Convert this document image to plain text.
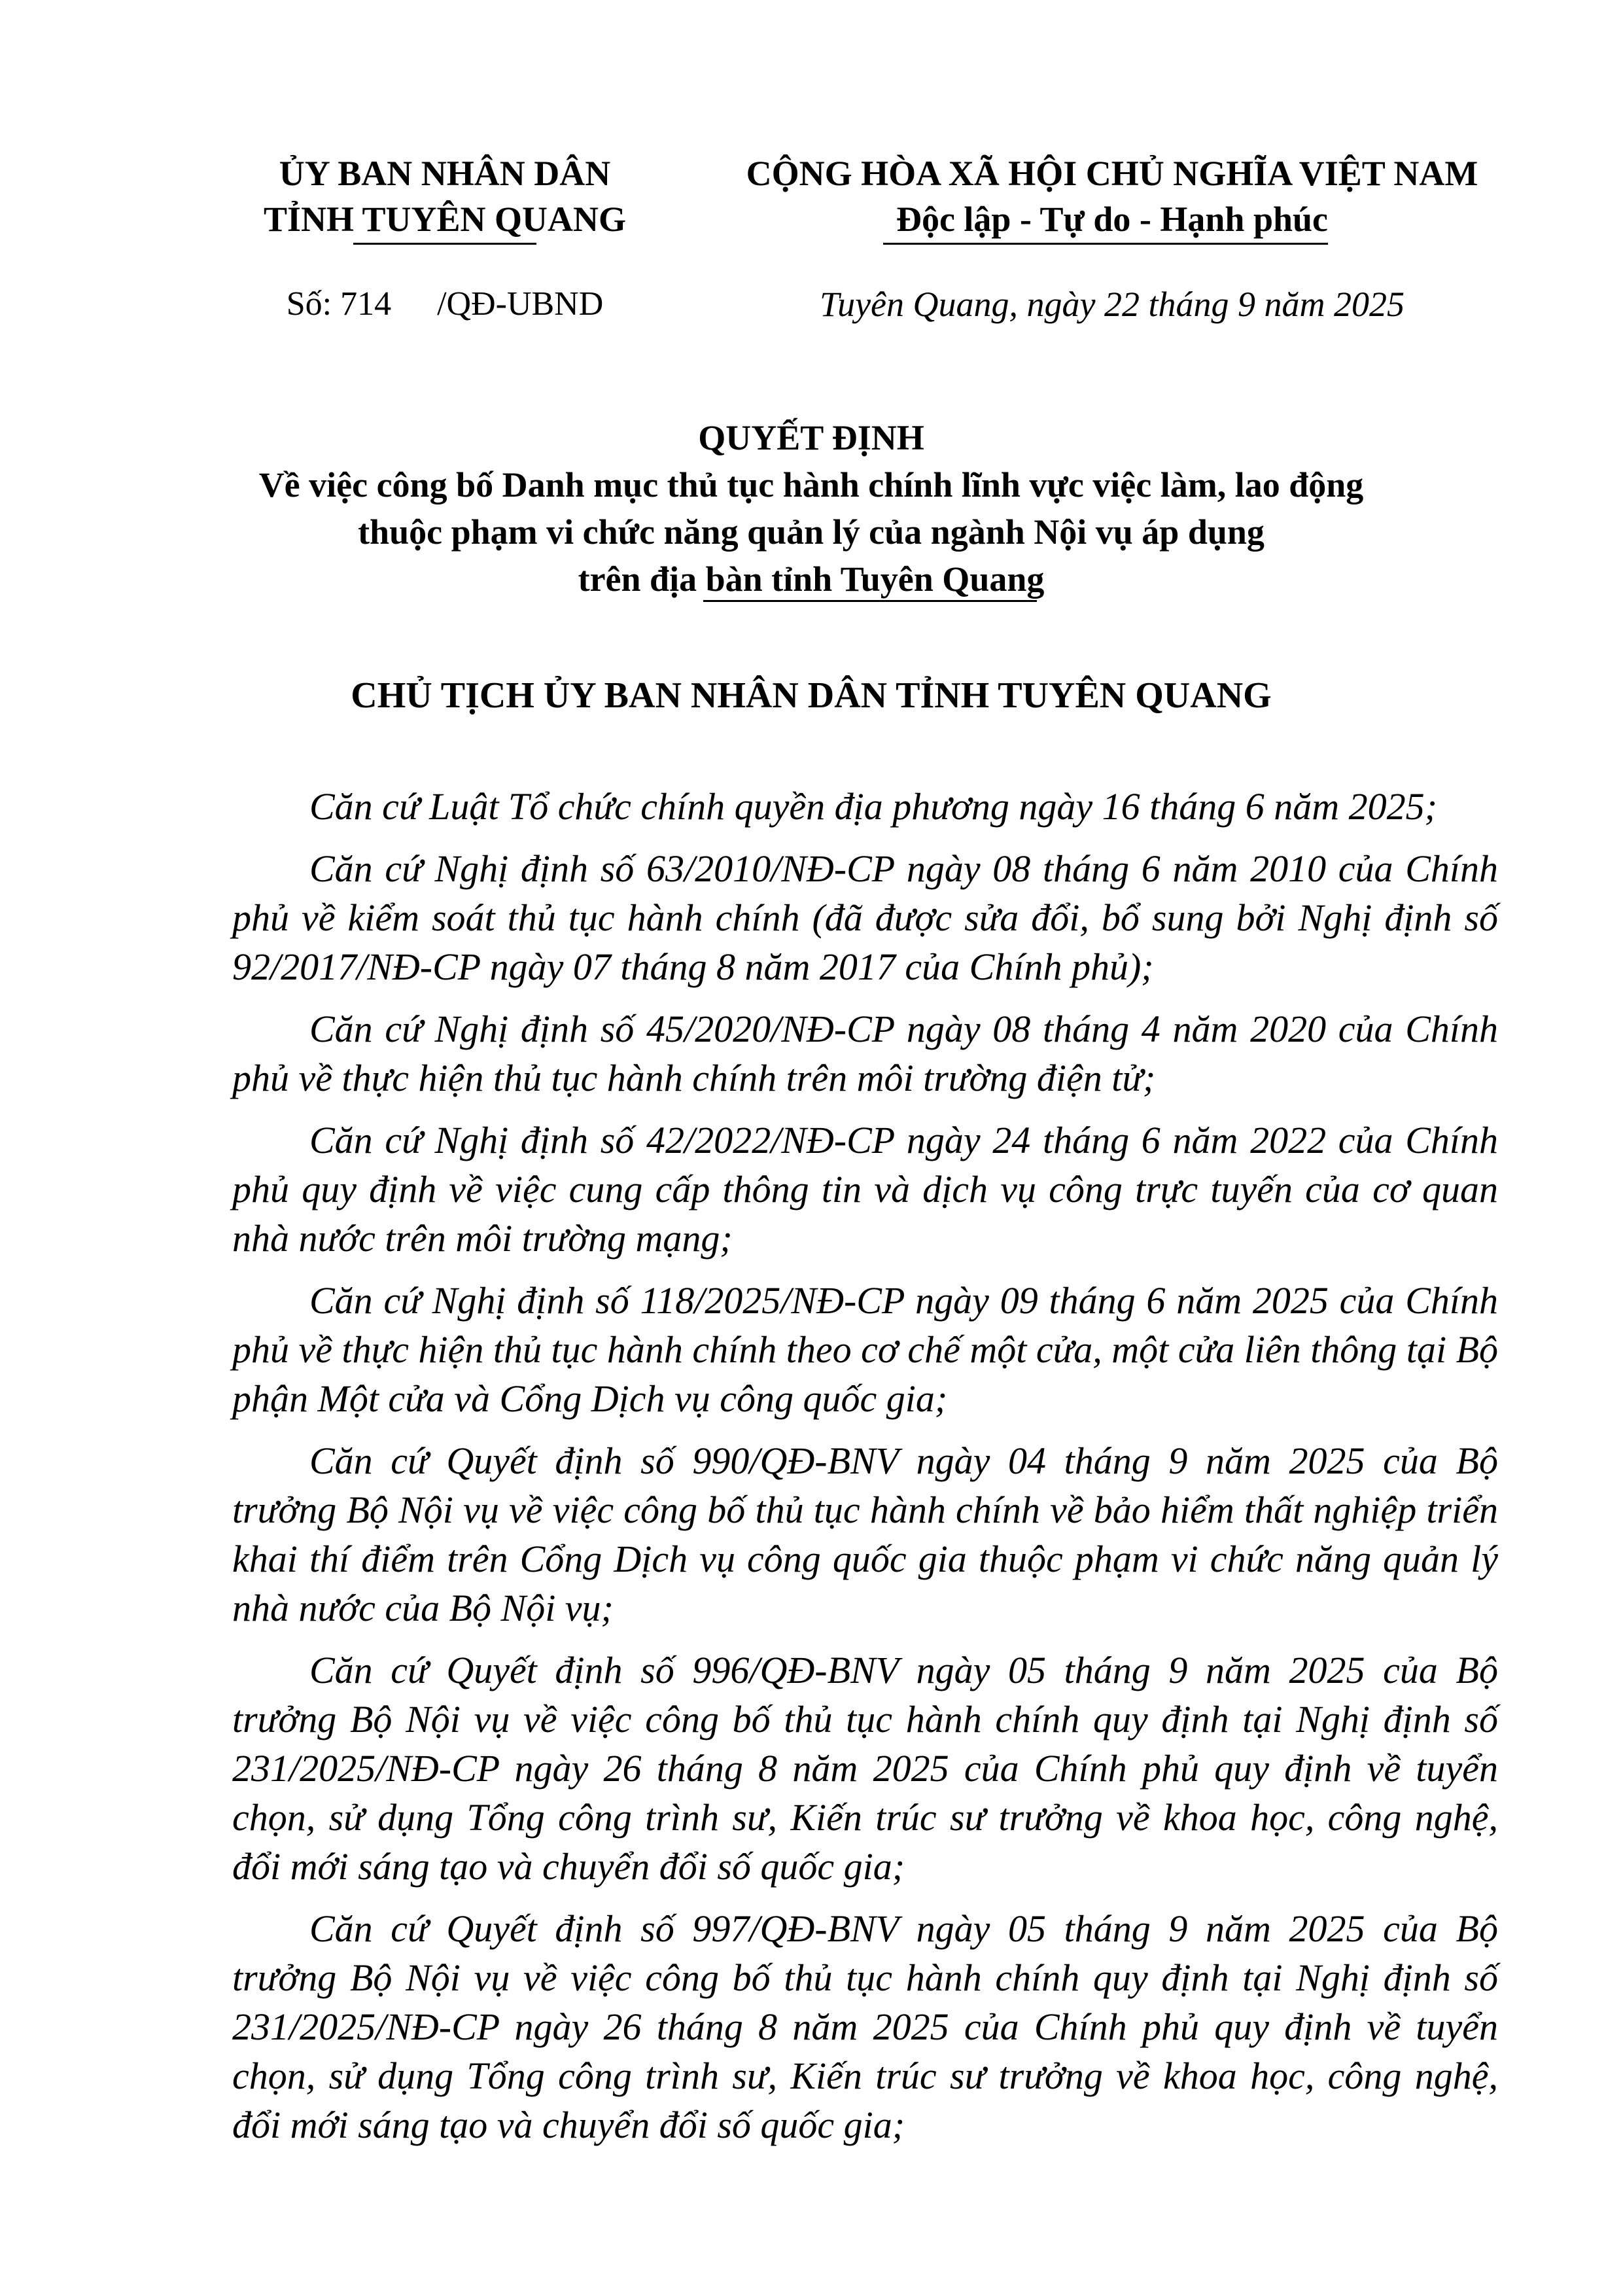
ỦY BAN NHÂN DÂN
TỈNH TUYÊN QUANG
CỘNG HÒA XÃ HỘI CHỦ NGHĨA VIỆT NAM
Độc lập - Tự do - Hạnh phúc
Số: 714 /QĐ-UBND	Tuyên Quang, ngày 22 tháng 9 năm 2025
QUYẾT ĐỊNH
Về việc công bố Danh mục thủ tục hành chính lĩnh vực việc làm, lao động
thuộc phạm vi chức năng quản lý của ngành Nội vụ áp dụng
trên địa bàn tỉnh Tuyên Quang
CHỦ TỊCH ỦY BAN NHÂN DÂN TỈNH TUYÊN QUANG

Căn cứ Luật Tổ chức chính quyền địa phương ngày 16 tháng 6 năm 2025;

Căn cứ Nghị định số 63/2010/NĐ-CP ngày 08 tháng 6 năm 2010 của Chính phủ về kiểm soát thủ tục hành chính (đã được sửa đổi, bổ sung bởi Nghị định số 92/2017/NĐ-CP ngày 07 tháng 8 năm 2017 của Chính phủ);

Căn cứ Nghị định số 45/2020/NĐ-CP ngày 08 tháng 4 năm 2020 của Chính phủ về thực hiện thủ tục hành chính trên môi trường điện tử;

Căn cứ Nghị định số 42/2022/NĐ-CP ngày 24 tháng 6 năm 2022 của Chính phủ quy định về việc cung cấp thông tin và dịch vụ công trực tuyến của cơ quan nhà nước trên môi trường mạng;

Căn cứ Nghị định số 118/2025/NĐ-CP ngày 09 tháng 6 năm 2025 của Chính phủ về thực hiện thủ tục hành chính theo cơ chế một cửa, một cửa liên thông tại Bộ phận Một cửa và Cổng Dịch vụ công quốc gia;

Căn cứ Quyết định số 990/QĐ-BNV ngày 04 tháng 9 năm 2025 của Bộ trưởng Bộ Nội vụ về việc công bố thủ tục hành chính về bảo hiểm thất nghiệp triển khai thí điểm trên Cổng Dịch vụ công quốc gia thuộc phạm vi chức năng quản lý nhà nước của Bộ Nội vụ;

Căn cứ Quyết định số 996/QĐ-BNV ngày 05 tháng 9 năm 2025 của Bộ trưởng Bộ Nội vụ về việc công bố thủ tục hành chính quy định tại Nghị định số 231/2025/NĐ-CP ngày 26 tháng 8 năm 2025 của Chính phủ quy định về tuyển chọn, sử dụng Tổng công trình sư, Kiến trúc sư trưởng về khoa học, công nghệ, đổi mới sáng tạo và chuyển đổi số quốc gia;

Căn cứ Quyết định số 997/QĐ-BNV ngày 05 tháng 9 năm 2025 của Bộ trưởng Bộ Nội vụ về việc công bố thủ tục hành chính quy định tại Nghị định số 231/2025/NĐ-CP ngày 26 tháng 8 năm 2025 của Chính phủ quy định về tuyển chọn, sử dụng Tổng công trình sư, Kiến trúc sư trưởng về khoa học, công nghệ, đổi mới sáng tạo và chuyển đổi số quốc gia;
